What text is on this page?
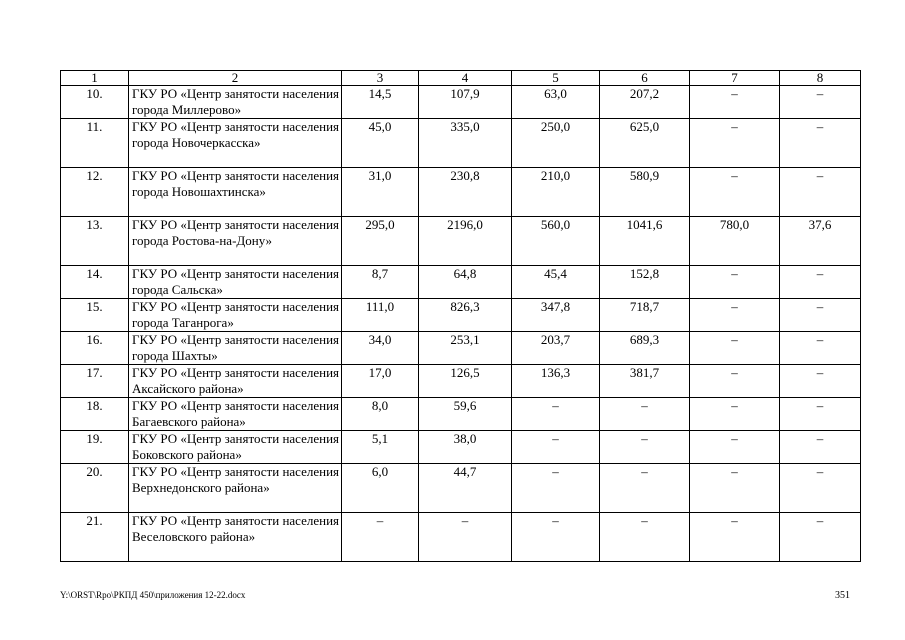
1	2	3	4	5	6	7	8
10.	ГКУ РО «Центр занятости населения города Миллерово»	14,5	107,9	63,0	207,2	–	–
11.	ГКУ РО «Центр занятости населения города Новочеркасска»	45,0	335,0	250,0	625,0	–	–
12.	ГКУ РО «Центр занятости населения города Новошахтинска»	31,0	230,8	210,0	580,9	–	–
13.	ГКУ РО «Центр занятости населения города Ростова-на-Дону»	295,0	2196,0	560,0	1041,6	780,0	37,6
14.	ГКУ РО «Центр занятости населения города Сальска»	8,7	64,8	45,4	152,8	–	–
15.	ГКУ РО «Центр занятости населения города Таганрога»	111,0	826,3	347,8	718,7	–	–
16.	ГКУ РО «Центр занятости населения города Шахты»	34,0	253,1	203,7	689,3	–	–
17.	ГКУ РО «Центр занятости населения Аксайского района»	17,0	126,5	136,3	381,7	–	–
18.	ГКУ РО «Центр занятости населения Багаевского района»	8,0	59,6	–	–	–	–
19.	ГКУ РО «Центр занятости населения Боковского района»	5,1	38,0	–	–	–	–
20.	ГКУ РО «Центр занятости населения Верхнедонского района»	6,0	44,7	–	–	–	–
21.	ГКУ РО «Центр занятости населения Веселовского района»	–	–	–	–	–	–
Y:\ORST\Rpo\РКПД 450\приложения 12-22.docx	351
